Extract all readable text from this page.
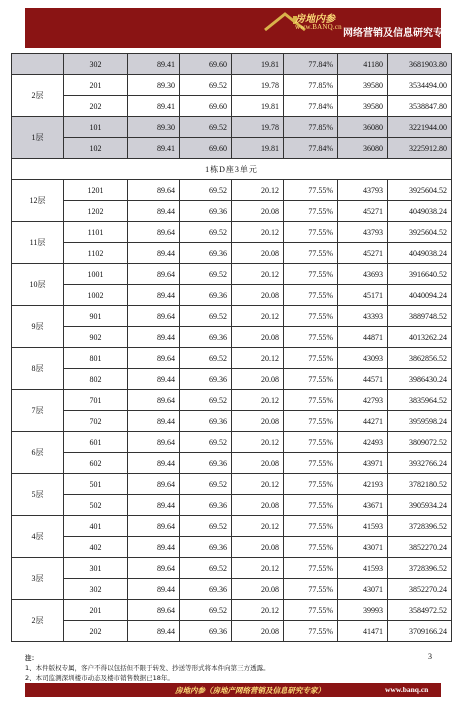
房地内参
www.BANQ.cn
网络营销及信息研究专家
	302	89.41	69.60	19.81	77.84%	41180	3681903.80
2层	201	89.30	69.52	19.78	77.85%	39580	3534494.00
	202	89.41	69.60	19.81	77.84%	39580	3538847.80
1层	101	89.30	69.52	19.78	77.85%	36080	3221944.00
	102	89.41	69.60	19.81	77.84%	36080	3225912.80
1栋D座3单元							
12层	1201	89.64	69.52	20.12	77.55%	43793	3925604.52
	1202	89.44	69.36	20.08	77.55%	45271	4049038.24
11层	1101	89.64	69.52	20.12	77.55%	43793	3925604.52
	1102	89.44	69.36	20.08	77.55%	45271	4049038.24
10层	1001	89.64	69.52	20.12	77.55%	43693	3916640.52
	1002	89.44	69.36	20.08	77.55%	45171	4040094.24
9层	901	89.64	69.52	20.12	77.55%	43393	3889748.52
	902	89.44	69.36	20.08	77.55%	44871	4013262.24
8层	801	89.64	69.52	20.12	77.55%	43093	3862856.52
	802	89.44	69.36	20.08	77.55%	44571	3986430.24
7层	701	89.64	69.52	20.12	77.55%	42793	3835964.52
	702	89.44	69.36	20.08	77.55%	44271	3959598.24
6层	601	89.64	69.52	20.12	77.55%	42493	3809072.52
	602	89.44	69.36	20.08	77.55%	43971	3932766.24
5层	501	89.64	69.52	20.12	77.55%	42193	3782180.52
	502	89.44	69.36	20.08	77.55%	43671	3905934.24
4层	401	89.64	69.52	20.12	77.55%	41593	3728396.52
	402	89.44	69.36	20.08	77.55%	43071	3852270.24
3层	301	89.64	69.52	20.12	77.55%	41593	3728396.52
	302	89.44	69.36	20.08	77.55%	43071	3852270.24
2层	201	89.64	69.52	20.12	77.55%	39993	3584972.52
	202	89.44	69.36	20.08	77.55%	41471	3709166.24
3
注：
1、本件版权专属，客户不得以包括但不限于转发、抄送等形式将本件向第三方透露。
2、本司监测深圳楼市动态及楼市销售数据已18年。
房地内参（房地产网络营销及信息研究专家）	www.banq.cn
